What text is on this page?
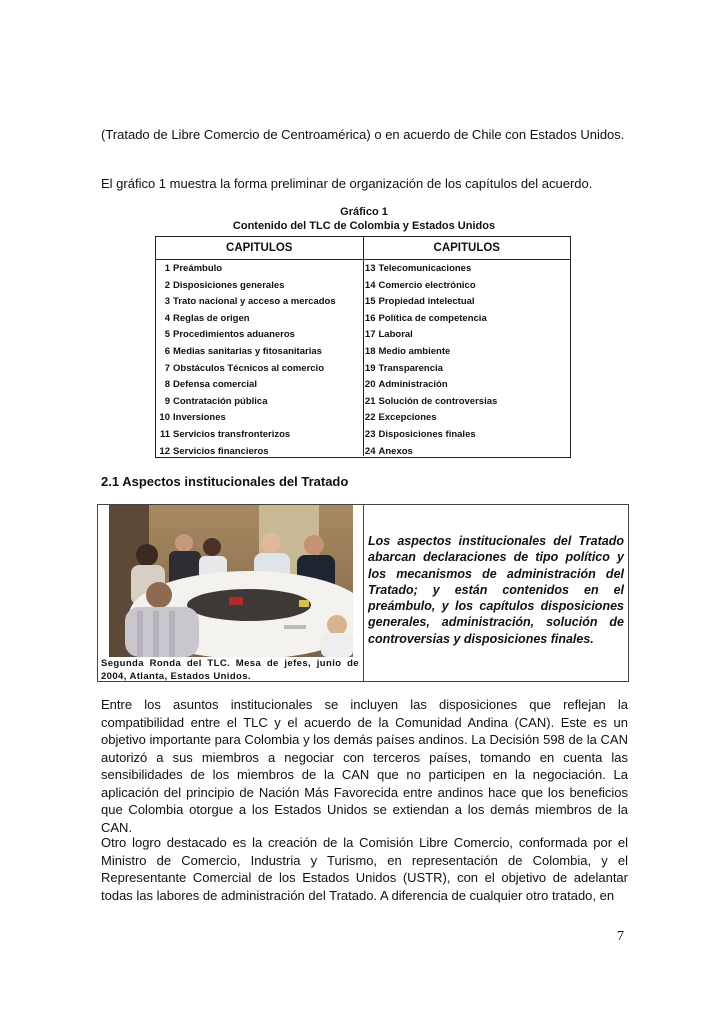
(Tratado de Libre Comercio de Centroamérica) o en acuerdo de Chile con Estados Unidos.

El gráfico 1 muestra la forma preliminar de organización de los capítulos del acuerdo.

Gráfico 1

Contenido del TLC de Colombia y Estados Unidos

CAPITULOS	CAPITULOS
1 Preámbulo
2 Disposiciones generales
3 Trato nacional y acceso a mercados
4 Reglas de origen
5 Procedimientos aduaneros
6 Medias sanitarias y fitosanitarias
7 Obstáculos Técnicos al comercio
8 Defensa comercial
9 Contratación pública
10 Inversiones
11 Servicios transfronterizos
12 Servicios financieros
13 Telecomunicaciones
14 Comercio electrónico
15 Propiedad intelectual
16 Política de competencia
17 Laboral
18 Medio ambiente
19 Transparencia
20 Administración
21 Solución de controversias
22 Excepciones
23 Disposiciones finales
24 Anexos

2.1 Aspectos institucionales del Tratado

Segunda Ronda del TLC. Mesa de jefes, junio de 2004, Atlanta, Estados Unidos.

Los aspectos institucionales del Tratado abarcan declaraciones de tipo político y los mecanismos de administración del Tratado; y están contenidos en el preámbulo, y los capítulos disposiciones generales, administración, solución de controversias y disposiciones finales.

Entre los asuntos institucionales se incluyen las disposiciones que reflejan la compatibilidad entre el TLC y el acuerdo de la Comunidad Andina (CAN). Este es un objetivo importante para Colombia y los demás países andinos. La Decisión 598 de la CAN autorizó a sus miembros a negociar con terceros países, tomando en cuenta las sensibilidades de los miembros de la CAN que no participen en la negociación. La aplicación del principio de Nación Más Favorecida entre andinos hace que los beneficios que Colombia otorgue a los Estados Unidos se extiendan a los demás miembros de la CAN.

Otro logro destacado es la creación de la Comisión Libre Comercio, conformada por el Ministro de Comercio, Industria y Turismo, en representación de Colombia, y el Representante Comercial de los Estados Unidos (USTR), con el objetivo de adelantar todas las labores de administración del Tratado. A diferencia de cualquier otro tratado, en

7
